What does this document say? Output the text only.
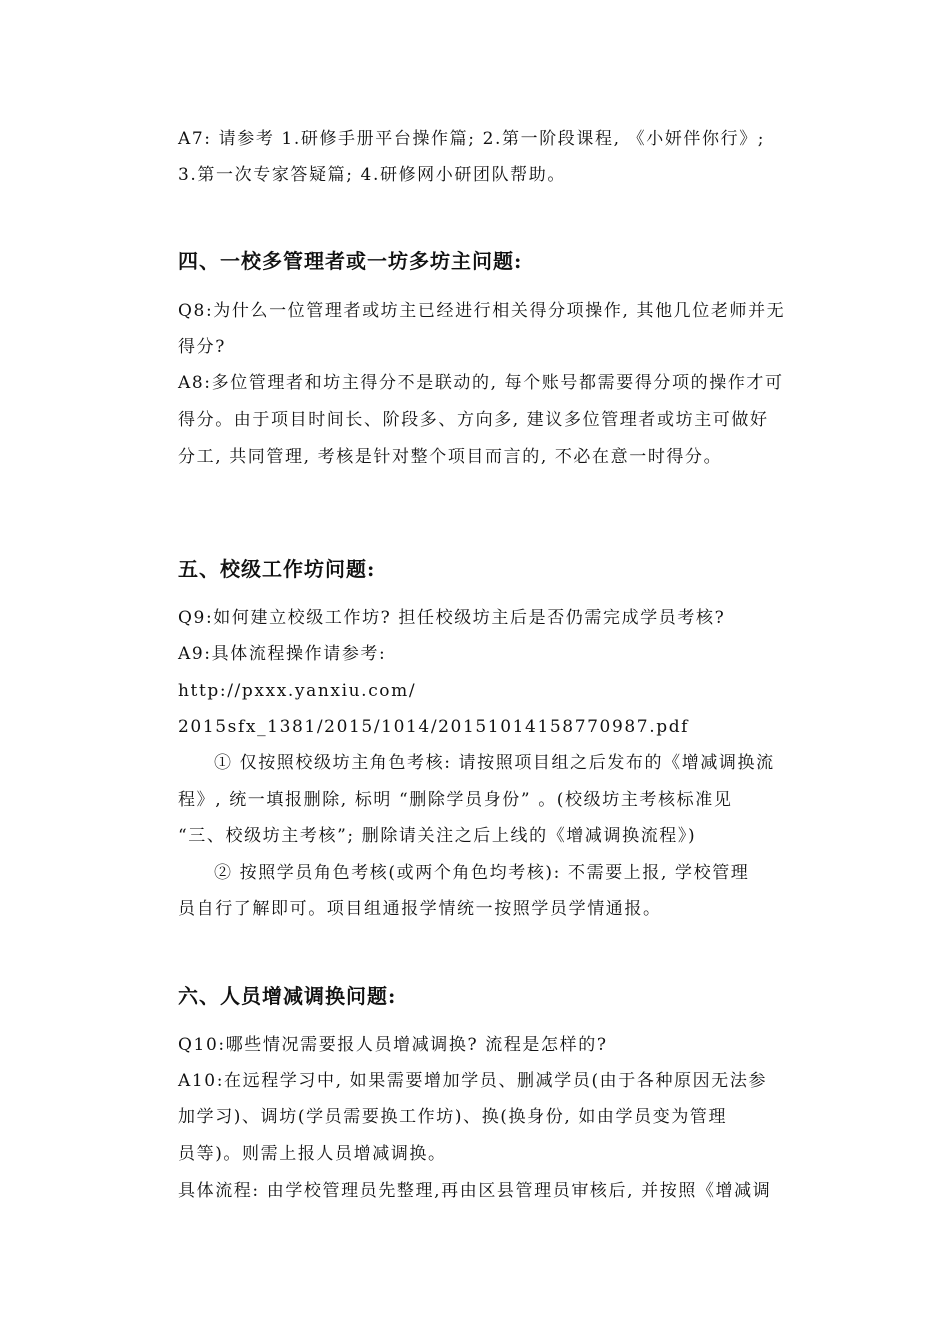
A7: 请参考 1.研修手册平台操作篇; 2.第一阶段课程, 《小妍伴你行》;
3.第一次专家答疑篇; 4.研修网小研团队帮助。
四、一校多管理者或一坊多坊主问题:
Q8:为什么一位管理者或坊主已经进行相关得分项操作, 其他几位老师并无
得分?
A8:多位管理者和坊主得分不是联动的, 每个账号都需要得分项的操作才可
得分。由于项目时间长、阶段多、方向多, 建议多位管理者或坊主可做好
分工, 共同管理, 考核是针对整个项目而言的, 不必在意一时得分。
五、校级工作坊问题:
Q9:如何建立校级工作坊? 担任校级坊主后是否仍需完成学员考核?
A9:具体流程操作请参考:
http://pxxx.yanxiu.com/
2015sfx_1381/2015/1014/20151014158770987.pdf
① 仅按照校级坊主角色考核: 请按照项目组之后发布的《增减调换流
程》, 统一填报删除, 标明 “删除学员身份” 。(校级坊主考核标准见
“三、校级坊主考核”; 删除请关注之后上线的《增减调换流程》)
② 按照学员角色考核(或两个角色均考核): 不需要上报, 学校管理
员自行了解即可。项目组通报学情统一按照学员学情通报。
六、人员增减调换问题:
Q10:哪些情况需要报人员增减调换? 流程是怎样的?
A10:在远程学习中, 如果需要增加学员、删减学员(由于各种原因无法参
加学习)、调坊(学员需要换工作坊)、换(换身份, 如由学员变为管理
员等)。则需上报人员增减调换。
具体流程: 由学校管理员先整理,再由区县管理员审核后, 并按照《增减调
